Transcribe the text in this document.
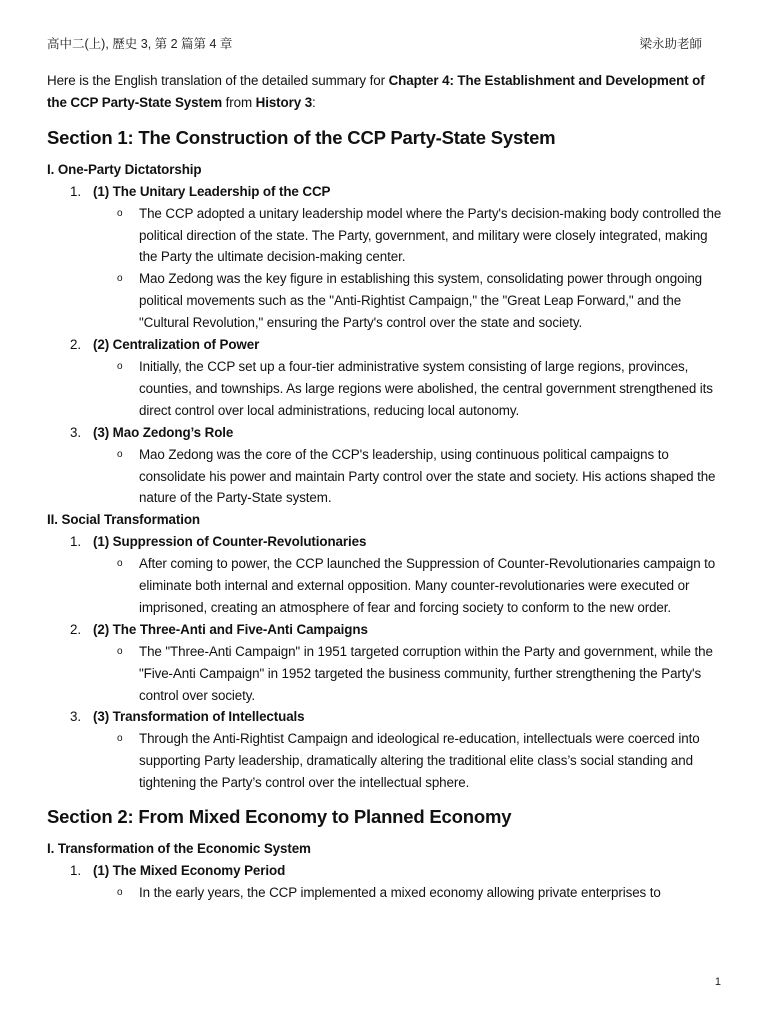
高中二(上), 歷史 3, 第 2 篇第 4 章	梁永助老師

Here is the English translation of the detailed summary for Chapter 4: The Establishment and Development of the CCP Party-State System from History 3:

Section 1: The Construction of the CCP Party-State System
I. One-Party Dictatorship
1. (1) The Unitary Leadership of the CCP
o The CCP adopted a unitary leadership model where the Party's decision-making body controlled the political direction of the state. The Party, government, and military were closely integrated, making the Party the ultimate decision-making center.
o Mao Zedong was the key figure in establishing this system, consolidating power through ongoing political movements such as the "Anti-Rightist Campaign," the "Great Leap Forward," and the "Cultural Revolution," ensuring the Party's control over the state and society.
2. (2) Centralization of Power
o Initially, the CCP set up a four-tier administrative system consisting of large regions, provinces, counties, and townships. As large regions were abolished, the central government strengthened its direct control over local administrations, reducing local autonomy.
3. (3) Mao Zedong’s Role
o Mao Zedong was the core of the CCP's leadership, using continuous political campaigns to consolidate his power and maintain Party control over the state and society. His actions shaped the nature of the Party-State system.
II. Social Transformation
1. (1) Suppression of Counter-Revolutionaries
o After coming to power, the CCP launched the Suppression of Counter-Revolutionaries campaign to eliminate both internal and external opposition. Many counter-revolutionaries were executed or imprisoned, creating an atmosphere of fear and forcing society to conform to the new order.
2. (2) The Three-Anti and Five-Anti Campaigns
o The "Three-Anti Campaign" in 1951 targeted corruption within the Party and government, while the "Five-Anti Campaign" in 1952 targeted the business community, further strengthening the Party's control over society.
3. (3) Transformation of Intellectuals
o Through the Anti-Rightist Campaign and ideological re-education, intellectuals were coerced into supporting Party leadership, dramatically altering the traditional elite class’s social standing and tightening the Party’s control over the intellectual sphere.
Section 2: From Mixed Economy to Planned Economy
I. Transformation of the Economic System
1. (1) The Mixed Economy Period
o In the early years, the CCP implemented a mixed economy allowing private enterprises to
1
